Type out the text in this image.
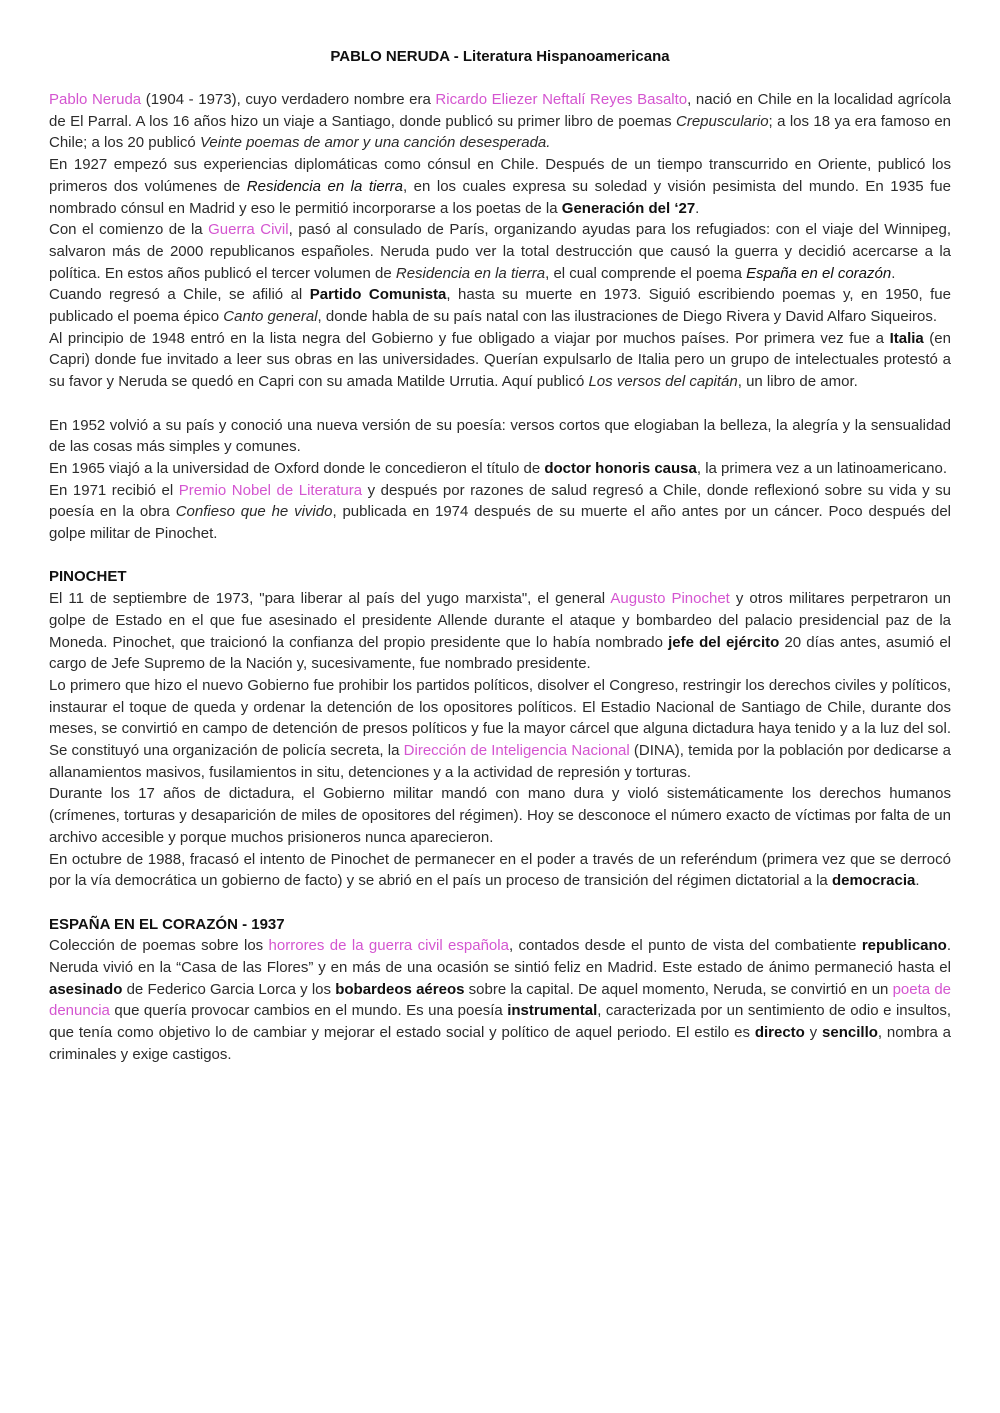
PABLO NERUDA - Literatura Hispanoamericana

Pablo Neruda (1904 - 1973), cuyo verdadero nombre era Ricardo Eliezer Neftalí Reyes Basalto, nació en Chile en la localidad agrícola de El Parral. A los 16 años hizo un viaje a Santiago, donde publicó su primer libro de poemas Crepusculario; a los 18 ya era famoso en Chile; a los 20 publicó Veinte poemas de amor y una canción desesperada.

En 1927 empezó sus experiencias diplomáticas como cónsul en Chile. Después de un tiempo transcurrido en Oriente, publicó los primeros dos volúmenes de Residencia en la tierra, en los cuales expresa su soledad y visión pesimista del mundo. En 1935 fue nombrado cónsul en Madrid y eso le permitió incorporarse a los poetas de la Generación del ‘27.

Con el comienzo de la Guerra Civil, pasó al consulado de París, organizando ayudas para los refugiados: con el viaje del Winnipeg, salvaron más de 2000 republicanos españoles. Neruda pudo ver la total destrucción que causó la guerra y decidió acercarse a la política. En estos años publicó el tercer volumen de Residencia en la tierra, el cual comprende el poema España en el corazón.

Cuando regresó a Chile, se afilió al Partido Comunista, hasta su muerte en 1973. Siguió escribiendo poemas y, en 1950, fue publicado el poema épico Canto general, donde habla de su país natal con las ilustraciones de Diego Rivera y David Alfaro Siqueiros.

Al principio de 1948 entró en la lista negra del Gobierno y fue obligado a viajar por muchos países. Por primera vez fue a Italia (en Capri) donde fue invitado a leer sus obras en las universidades. Querían expulsarlo de Italia pero un grupo de intelectuales protestó a su favor y Neruda se quedó en Capri con su amada Matilde Urrutia. Aquí publicó Los versos del capitán, un libro de amor.

En 1952 volvió a su país y conoció una nueva versión de su poesía: versos cortos que elogiaban la belleza, la alegría y la sensualidad de las cosas más simples y comunes.

En 1965 viajó a la universidad de Oxford donde le concedieron el título de doctor honoris causa, la primera vez a un latinoamericano.

En 1971 recibió el Premio Nobel de Literatura y después por razones de salud regresó a Chile, donde reflexionó sobre su vida y su poesía en la obra Confieso que he vivido, publicada en 1974 después de su muerte el año antes por un cáncer. Poco después del golpe militar de Pinochet.

PINOCHET

El 11 de septiembre de 1973, "para liberar al país del yugo marxista", el general Augusto Pinochet y otros militares perpetraron un golpe de Estado en el que fue asesinado el presidente Allende durante el ataque y bombardeo del palacio presidencial paz de la Moneda. Pinochet, que traicionó la confianza del propio presidente que lo había nombrado jefe del ejército 20 días antes, asumió el cargo de Jefe Supremo de la Nación y, sucesivamente, fue nombrado presidente.

Lo primero que hizo el nuevo Gobierno fue prohibir los partidos políticos, disolver el Congreso, restringir los derechos civiles y políticos, instaurar el toque de queda y ordenar la detención de los opositores políticos. El Estadio Nacional de Santiago de Chile, durante dos meses, se convirtió en campo de detención de presos políticos y fue la mayor cárcel que alguna dictadura haya tenido y a la luz del sol. Se constituyó una organización de policía secreta, la Dirección de Inteligencia Nacional (DINA), temida por la población por dedicarse a allanamientos masivos, fusilamientos in situ, detenciones y a la actividad de represión y torturas.

Durante los 17 años de dictadura, el Gobierno militar mandó con mano dura y violó sistemáticamente los derechos humanos (crímenes, torturas y desaparición de miles de opositores del régimen). Hoy se desconoce el número exacto de víctimas por falta de un archivo accesible y porque muchos prisioneros nunca aparecieron.

En octubre de 1988, fracasó el intento de Pinochet de permanecer en el poder a través de un referéndum (primera vez que se derrocó por la vía democrática un gobierno de facto) y se abrió en el país un proceso de transición del régimen dictatorial a la democracia.

ESPAÑA EN EL CORAZÓN - 1937

Colección de poemas sobre los horrores de la guerra civil española, contados desde el punto de vista del combatiente republicano. Neruda vivió en la “Casa de las Flores” y en más de una ocasión se sintió feliz en Madrid. Este estado de ánimo permaneció hasta el asesinado de Federico Garcia Lorca y los bobardeos aéreos sobre la capital. De aquel momento, Neruda, se convirtió en un poeta de denuncia que quería provocar cambios en el mundo. Es una poesía instrumental, caracterizada por un sentimiento de odio e insultos, que tenía como objetivo lo de cambiar y mejorar el estado social y político de aquel periodo. El estilo es directo y sencillo, nombra a criminales y exige castigos.
